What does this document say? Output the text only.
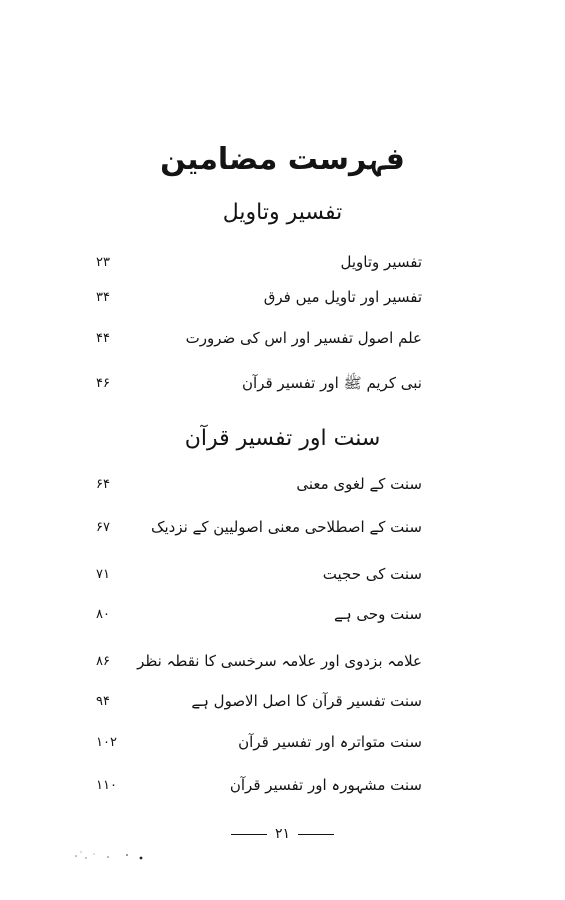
فہرست مضامین
تفسیر وتاویل
تفسیر وتاویل
۲۳
تفسیر اور تاویل میں فرق
۳۴
علم اصول تفسیر اور اس کی ضرورت
۴۴
نبی کریم ﷺ اور تفسیر قرآن
۴۶
سنت اور تفسیر قرآن
سنت کے لغوی معنی
۶۴
سنت کے اصطلاحی معنی اصولیین کے نزدیک
۶۷
سنت کی حجیت
۷۱
سنت وحی ہے
۸۰
علامہ بزدوی اور علامہ سرخسی کا نقطہ نظر
۸۶
سنت تفسیر قرآن کا اصل الاصول ہے
۹۴
سنت متواترہ اور تفسیر قرآن
۱۰۲
سنت مشہورہ اور تفسیر قرآن
۱۱۰
۲۱
